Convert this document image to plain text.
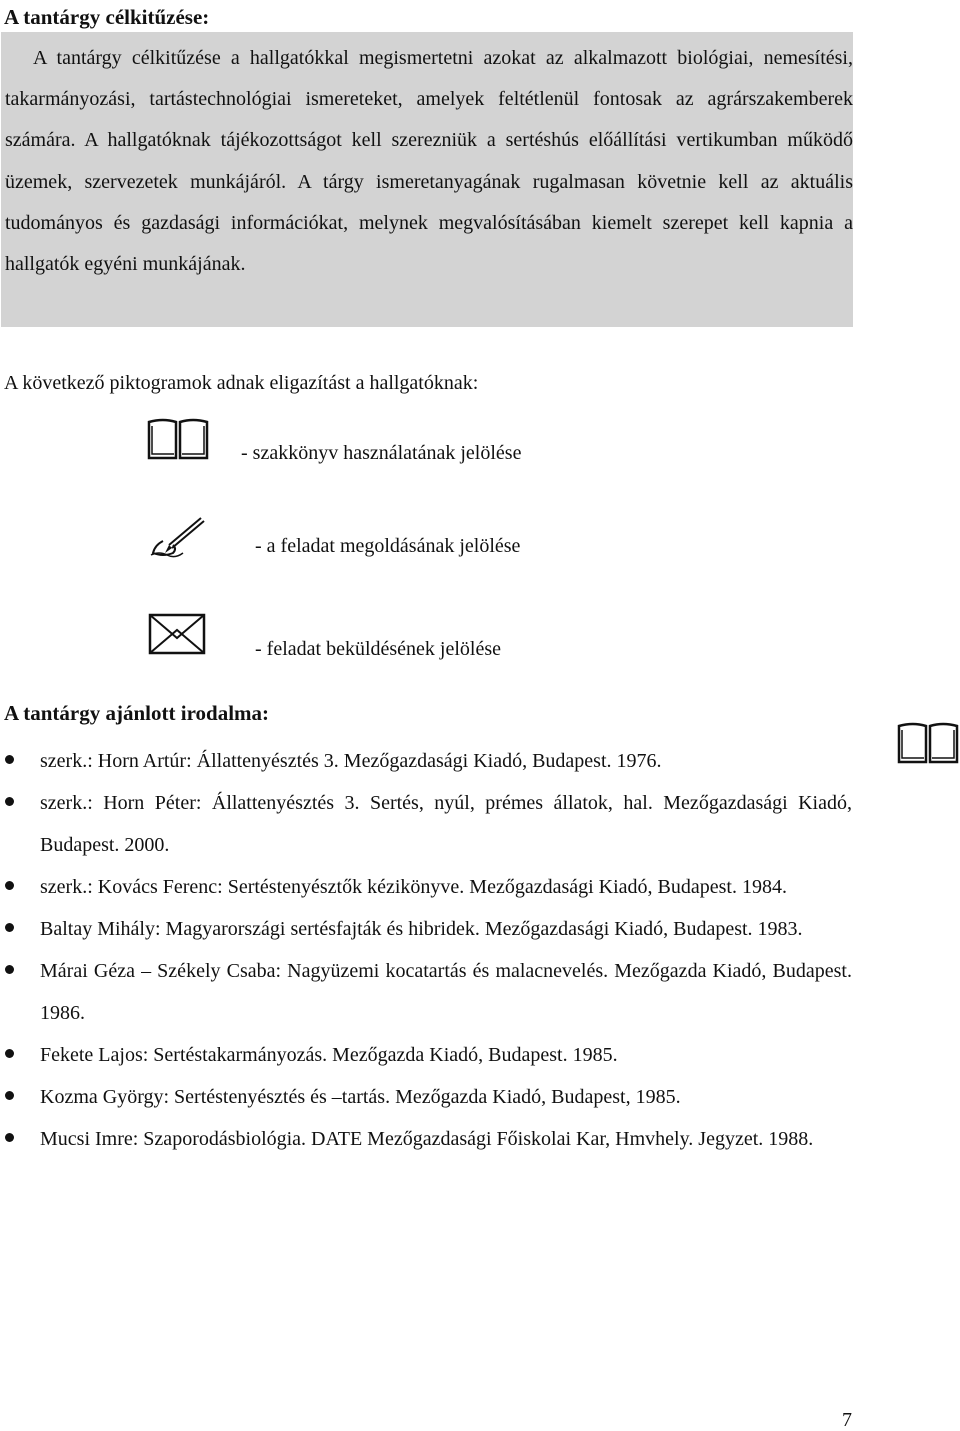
A tantárgy célkitűzése:

A tantárgy célkitűzése a hallgatókkal megismertetni azokat az alkalmazott biológiai, nemesítési, takarmányozási, tartástechnológiai ismereteket, amelyek feltétlenül fontosak az agrárszakemberek számára. A hallgatóknak tájékozottságot kell szerezniük a sertéshús előállítási vertikumban működő üzemek, szervezetek munkájáról. A tárgy ismeretanyagának rugalmasan követnie kell az aktuális tudományos és gazdasági információkat, melynek megvalósításában kiemelt szerepet kell kapnia a hallgatók egyéni munkájának.

A következő piktogramok adnak eligazítást a hallgatóknak:

- szakkönyv használatának jelölése
- a feladat megoldásának jelölése
- feladat beküldésének jelölése
A tantárgy ajánlott irodalma:
szerk.: Horn Artúr: Állattenyésztés 3. Mezőgazdasági Kiadó, Budapest. 1976.
szerk.: Horn Péter: Állattenyésztés 3. Sertés, nyúl, prémes állatok, hal. Mezőgazdasági Kiadó, Budapest. 2000.
szerk.: Kovács Ferenc: Sertéstenyésztők kézikönyve. Mezőgazdasági Kiadó, Budapest. 1984.
Baltay Mihály: Magyarországi sertésfajták és hibridek. Mezőgazdasági Kiadó, Budapest. 1983.
Márai Géza – Székely Csaba: Nagyüzemi kocatartás és malacnevelés. Mezőgazda Kiadó, Budapest. 1986.
Fekete Lajos: Sertéstakarmányozás. Mezőgazda Kiadó, Budapest. 1985.
Kozma György: Sertéstenyésztés és –tartás. Mezőgazda Kiadó, Budapest, 1985.
Mucsi Imre: Szaporodásbiológia. DATE Mezőgazdasági Főiskolai Kar, Hmvhely. Jegyzet. 1988.
7
